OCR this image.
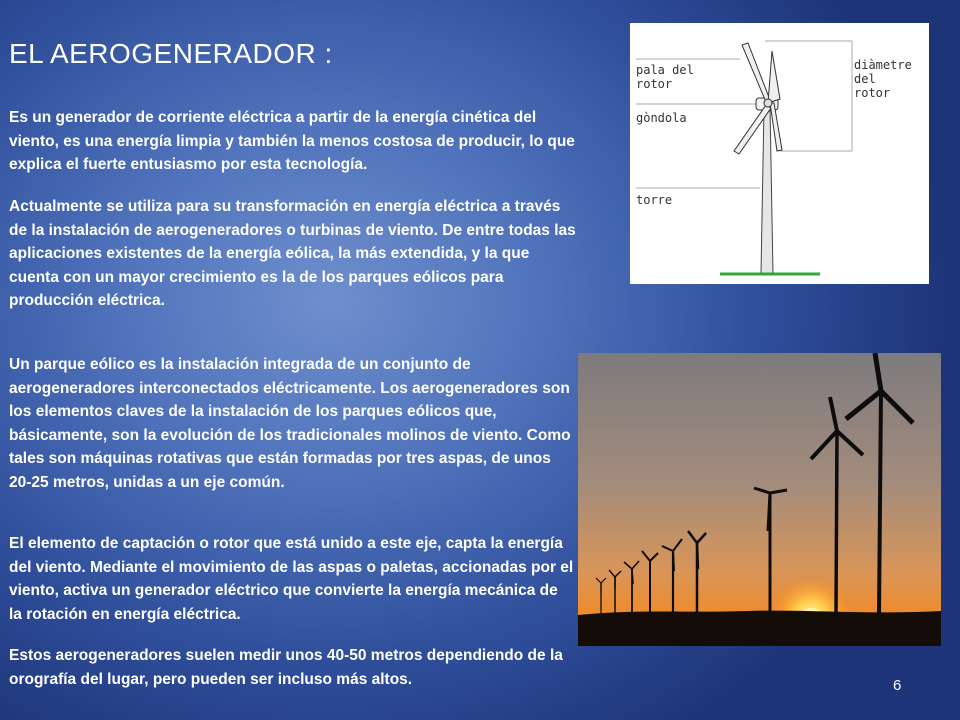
EL AEROGENERADOR :

Es un generador de corriente eléctrica a partir de la energía cinética del viento, es una energía limpia y también la menos costosa de producir, lo que explica el fuerte entusiasmo por esta tecnología.

Actualmente se utiliza para su transformación en energía eléctrica a través de la instalación de aerogeneradores o turbinas de viento. De entre todas las aplicaciones existentes de la energía eólica, la más extendida, y la que cuenta con un mayor crecimiento es la de los parques eólicos para producción eléctrica.

Un parque eólico es la instalación integrada de un conjunto de aerogeneradores interconectados eléctricamente. Los aerogeneradores son los elementos claves de la instalación de los parques eólicos que, básicamente, son la evolución de los tradicionales molinos de viento. Como tales son máquinas rotativas que están formadas por tres aspas, de unos 20-25 metros, unidas a un eje común.

El elemento de captación o rotor que está unido a este eje, capta la energía del viento. Mediante el movimiento de las aspas o paletas, accionadas por el viento, activa un generador eléctrico que convierte la energía mecánica de la rotación en energía eléctrica.

Estos aerogeneradores suelen medir unos 40-50 metros dependiendo de la orografía del lugar, pero pueden ser incluso más altos.

pala del
rotor
gòndola
torre
diàmetre
del
rotor
6
